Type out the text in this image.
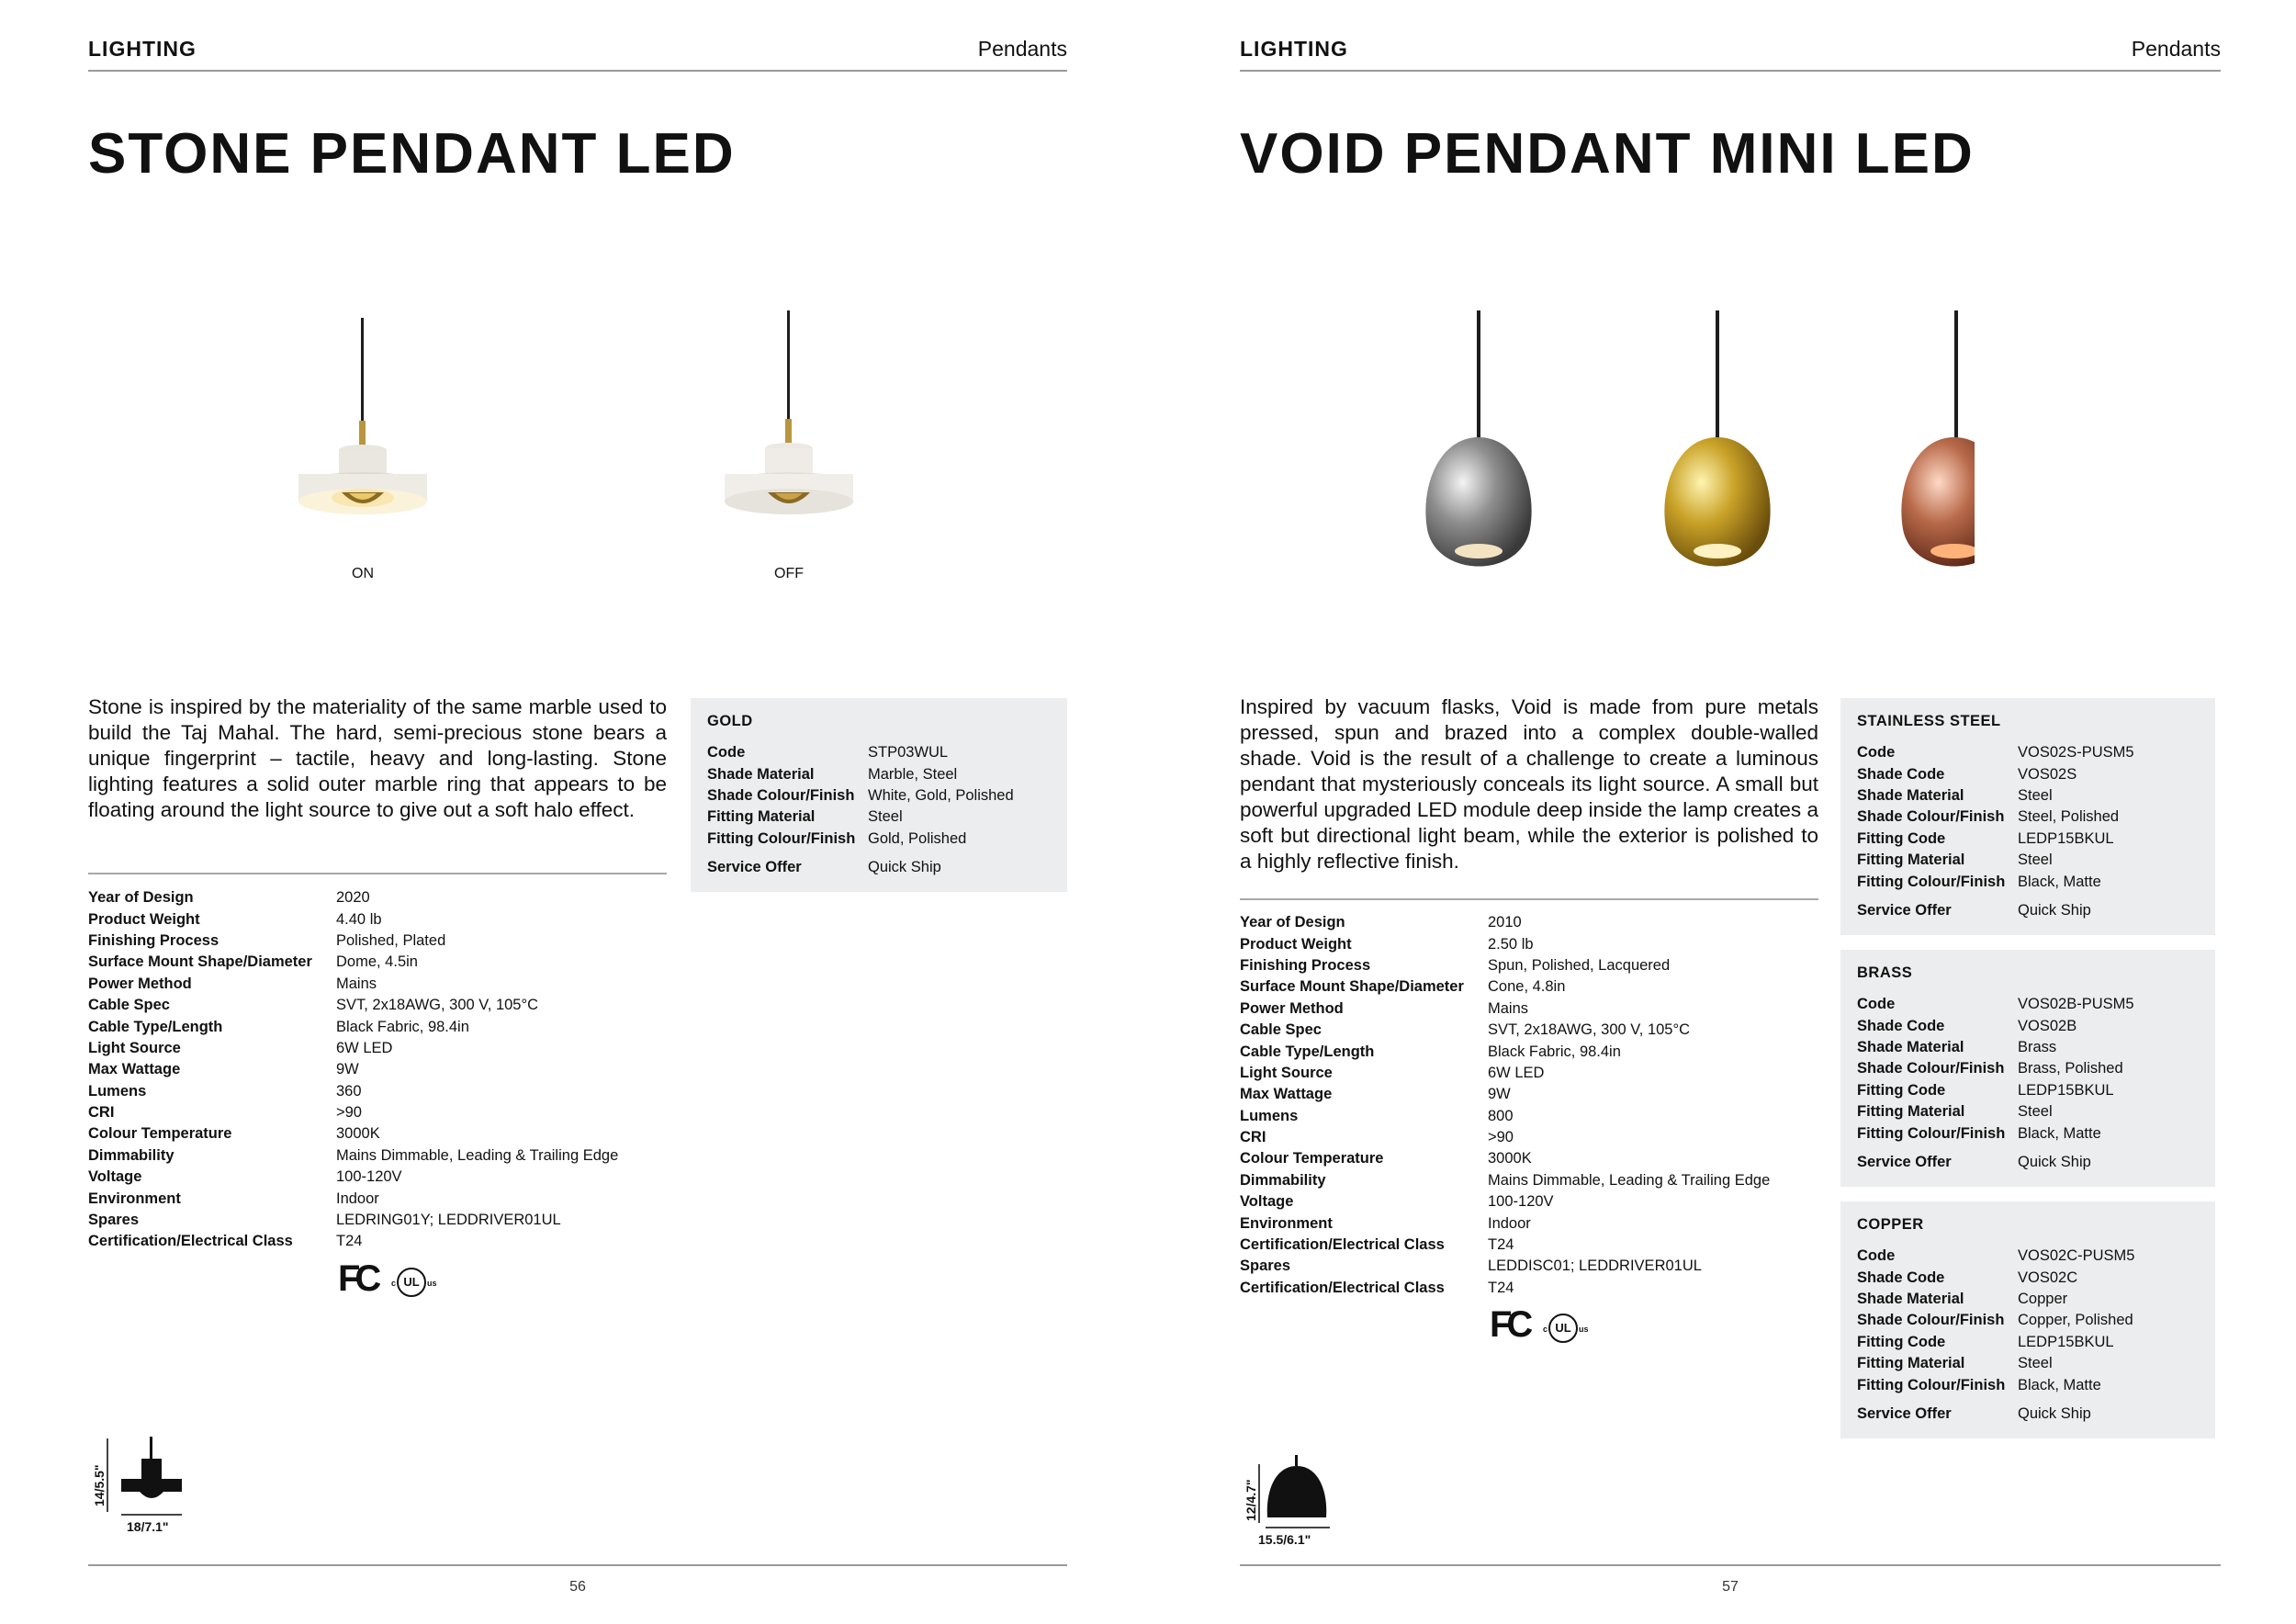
LIGHTING	Pendants
STONE PENDANT LED
ON	OFF

Stone is inspired by the materiality of the same marble used to build the Taj Mahal. The hard, semi-precious stone bears a unique fingerprint – tactile, heavy and long-lasting. Stone lighting features a solid outer marble ring that appears to be floating around the light source to give out a soft halo effect.

Year of Design	2020
Product Weight	4.40 lb
Finishing Process	Polished, Plated
Surface Mount Shape/Diameter	Dome, 4.5in
Power Method	Mains
Cable Spec	SVT, 2x18AWG, 300 V, 105°C
Cable Type/Length	Black Fabric, 98.4in
Light Source	6W LED
Max Wattage	9W
Lumens	360
CRI	>90
Colour Temperature	3000K
Dimmability	Mains Dimmable, Leading & Trailing Edge
Voltage	100-120V
Environment	Indoor
Spares	LEDRING01Y; LEDDRIVER01UL
Certification/Electrical Class	T24
FC c UL us
GOLD
Code	STP03WUL
Shade Material	Marble, Steel
Shade Colour/Finish	White, Gold, Polished
Fitting Material	Steel
Fitting Colour/Finish	Gold, Polished
Service Offer	Quick Ship
14/5.5"
18/7.1"
56
LIGHTING	Pendants
VOID PENDANT MINI LED

Inspired by vacuum flasks, Void is made from pure metals pressed, spun and brazed into a complex double-walled shade. Void is the result of a challenge to create a luminous pendant that mysteriously conceals its light source. A small but powerful upgraded LED module deep inside the lamp creates a soft but directional light beam, while the exterior is polished to a highly reflective finish.

Year of Design	2010
Product Weight	2.50 lb
Finishing Process	Spun, Polished, Lacquered
Surface Mount Shape/Diameter	Cone, 4.8in
Power Method	Mains
Cable Spec	SVT, 2x18AWG, 300 V, 105°C
Cable Type/Length	Black Fabric, 98.4in
Light Source	6W LED
Max Wattage	9W
Lumens	800
CRI	>90
Colour Temperature	3000K
Dimmability	Mains Dimmable, Leading & Trailing Edge
Voltage	100-120V
Environment	Indoor
Certification/Electrical Class	T24
Spares	LEDDISC01; LEDDRIVER01UL
Certification/Electrical Class	T24
FC c UL us
STAINLESS STEEL
Code	VOS02S-PUSM5
Shade Code	VOS02S
Shade Material	Steel
Shade Colour/Finish	Steel, Polished
Fitting Code	LEDP15BKUL
Fitting Material	Steel
Fitting Colour/Finish	Black, Matte
Service Offer	Quick Ship
BRASS
Code	VOS02B-PUSM5
Shade Code	VOS02B
Shade Material	Brass
Shade Colour/Finish	Brass, Polished
Fitting Code	LEDP15BKUL
Fitting Material	Steel
Fitting Colour/Finish	Black, Matte
Service Offer	Quick Ship
COPPER
Code	VOS02C-PUSM5
Shade Code	VOS02C
Shade Material	Copper
Shade Colour/Finish	Copper, Polished
Fitting Code	LEDP15BKUL
Fitting Material	Steel
Fitting Colour/Finish	Black, Matte
Service Offer	Quick Ship
12/4.7"
15.5/6.1"
57
